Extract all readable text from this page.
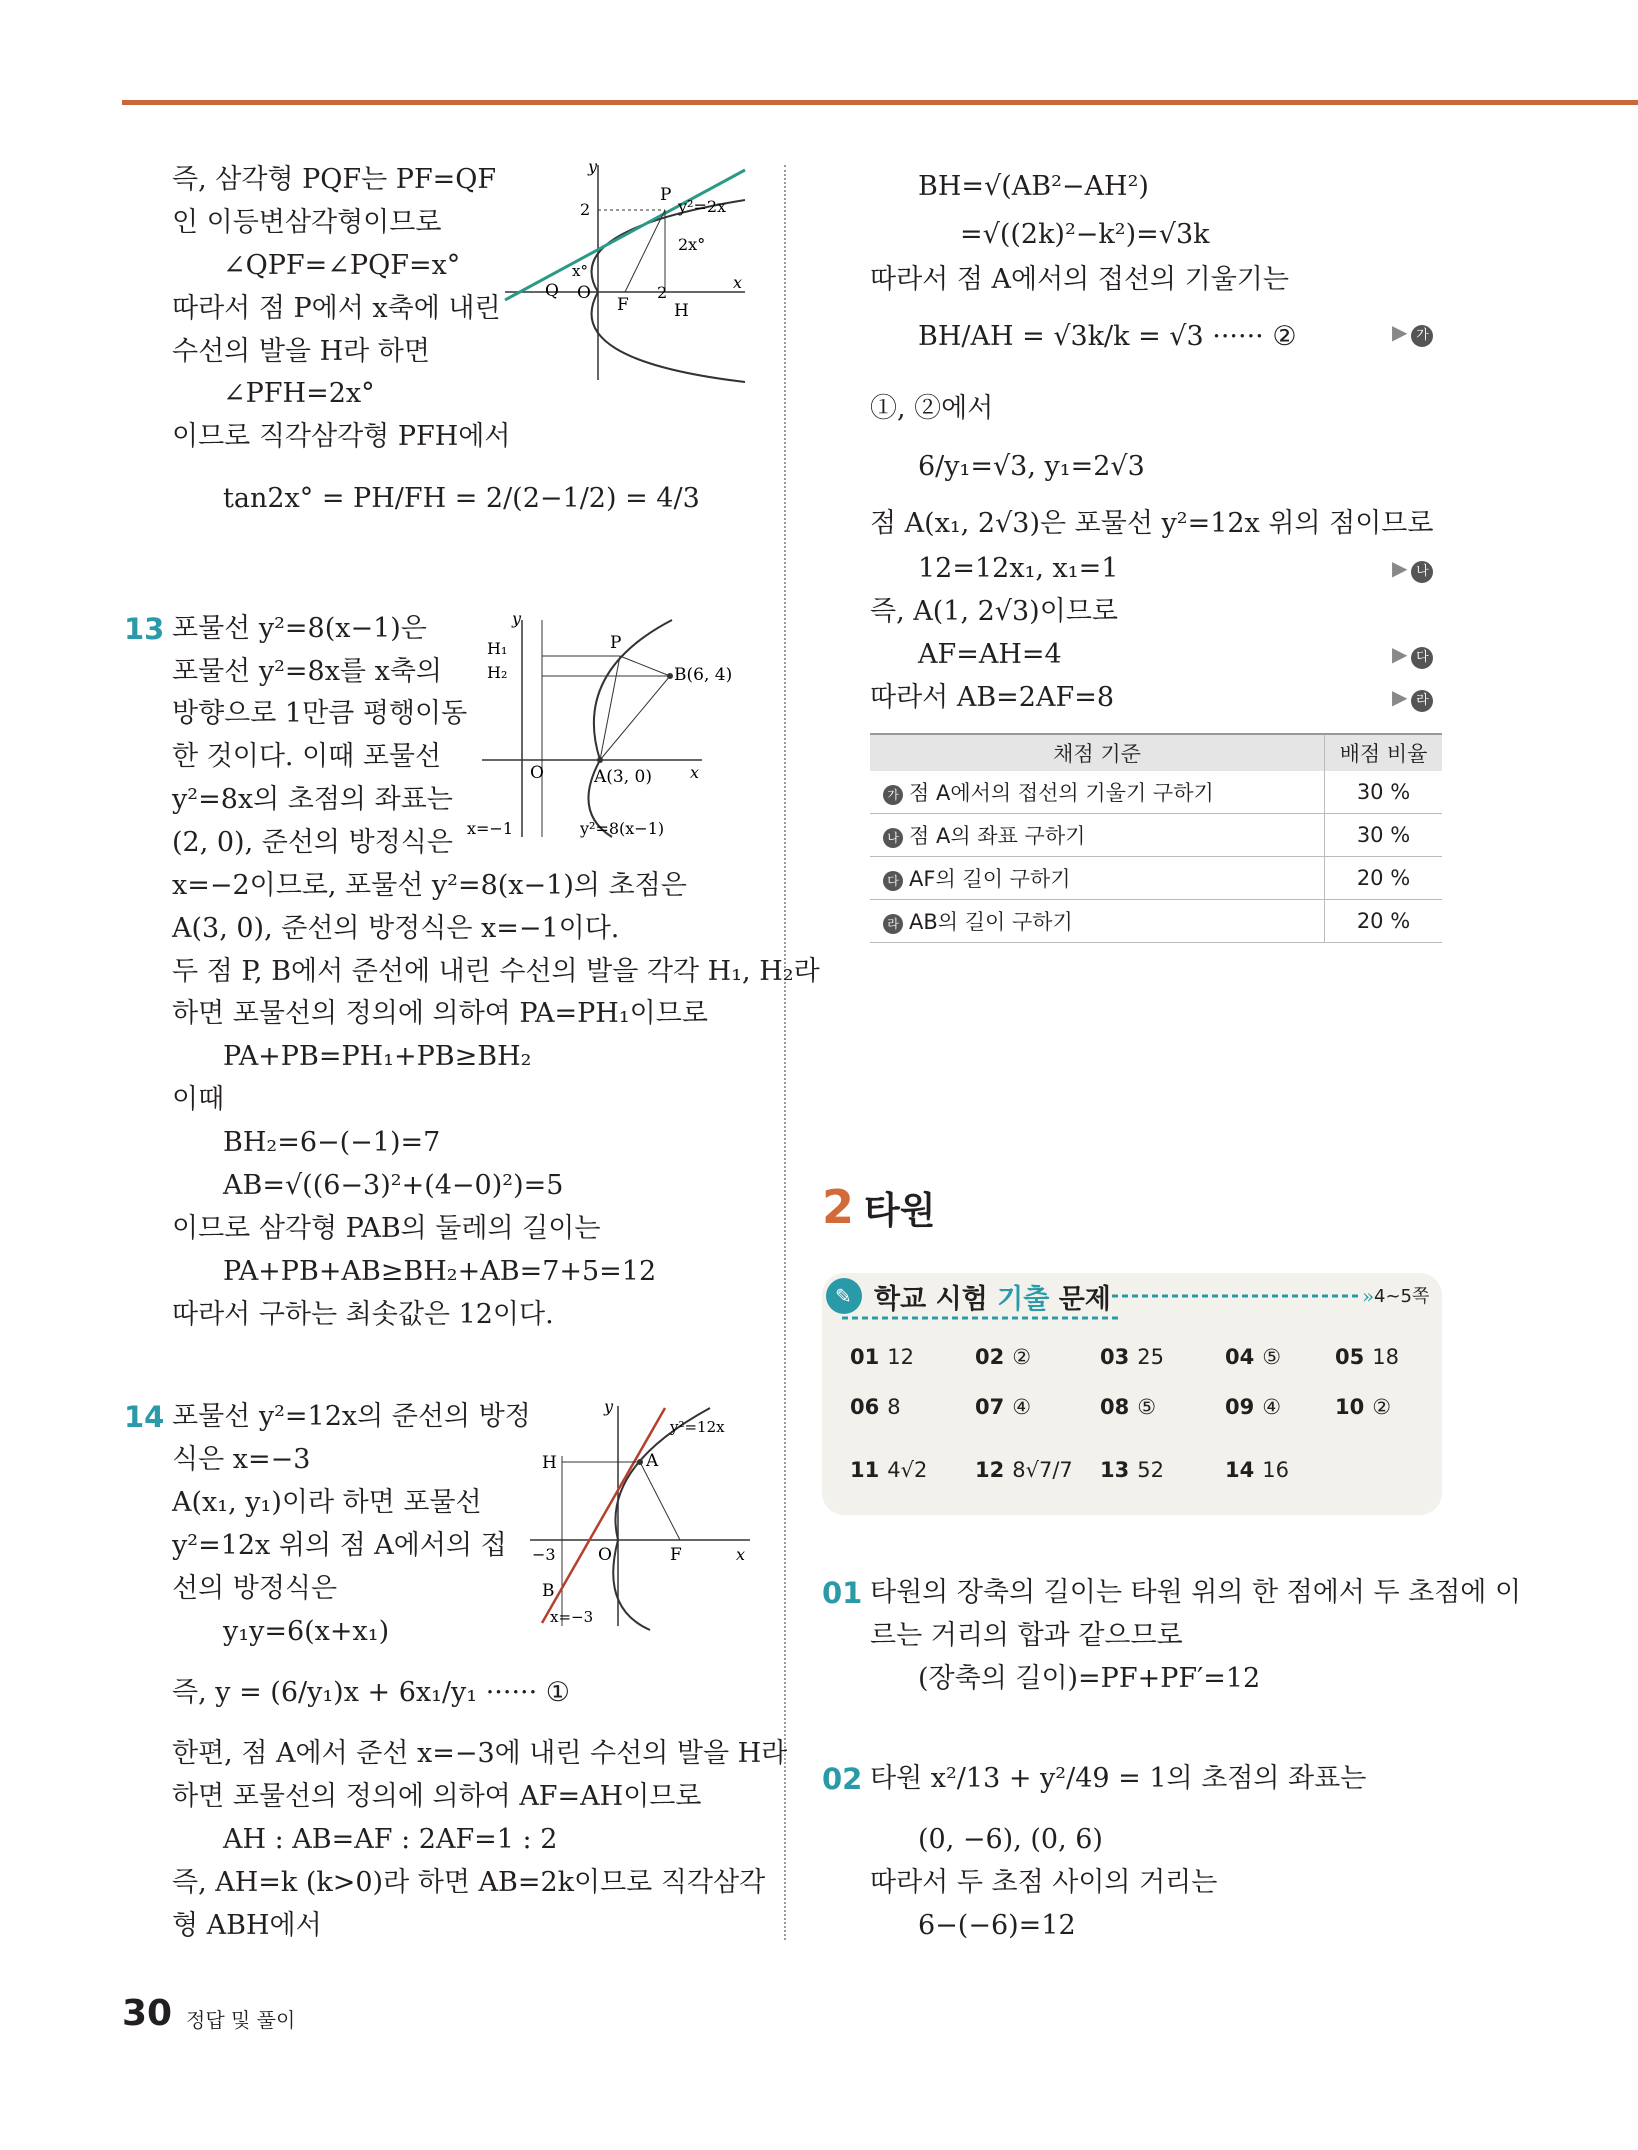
즉, 삼각형 PQF는 PF=QF
인 이등변삼각형이므로
∠QPF=∠PQF=x°
따라서 점 P에서 x축에 내린
수선의 발을 H라 하면
∠PFH=2x°
이므로 직각삼각형 PFH에서
tan2x° = PH/FH = 2/(2−1/2) = 4/3
y
x
P
Q O
F	H
2
2
y²=2x
2x°
x°
13 포물선 y²=8(x−1)은
포물선 y²=8x를 x축의
방향으로 1만큼 평행이동
한 것이다. 이때 포물선
y²=8x의 초점의 좌표는
(2, 0), 준선의 방정식은
x=−2이므로, 포물선 y²=8(x−1)의 초점은
A(3, 0), 준선의 방정식은 x=−1이다.
두 점 P, B에서 준선에 내린 수선의 발을 각각 H₁, H₂라
하면 포물선의 정의에 의하여 PA=PH₁이므로
PA+PB=PH₁+PB≥BH₂
이때
BH₂=6−(−1)=7
AB=√((6−3)²+(4−0)²)=5
이므로 삼각형 PAB의 둘레의 길이는
PA+PB+AB≥BH₂+AB=7+5=12
따라서 구하는 최솟값은 12이다.
y
x
O
P
H₁
H₂	B(6, 4)
A(3, 0)
x=−1	y²=8(x−1)
14 포물선 y²=12x의 준선의 방정
식은 x=−3
A(x₁, y₁)이라 하면 포물선
y²=12x 위의 점 A에서의 접
선의 방정식은
y₁y=6(x+x₁)
즉, y = (6/y₁)x + 6x₁/y₁ ······ ①
한편, 점 A에서 준선 x=−3에 내린 수선의 발을 H라
하면 포물선의 정의에 의하여 AF=AH이므로
AH : AB=AF : 2AF=1 : 2
즉, AH=k (k>0)라 하면 AB=2k이므로 직각삼각
형 ABH에서
y
x
O	F
H	A
B
−3
x=−3
y²=12x
BH=√(AB²−AH²)
=√((2k)²−k²)=√3k
따라서 점 A에서의 접선의 기울기는
BH/AH = √3k/k = √3 ······ ②
①, ②에서
6/y₁=√3, y₁=2√3
점 A(x₁, 2√3)은 포물선 y²=12x 위의 점이므로
12=12x₁, x₁=1
즉, A(1, 2√3)이므로
AF=AH=4
따라서 AB=2AF=8
▶ 가
▶ 나
▶ 다
▶ 라
채점 기준	배점 비율
가 점 A에서의 접선의 기울기 구하기	30 %
나 점 A의 좌표 구하기	30 %
다 AF의 길이 구하기	20 %
라 AB의 길이 구하기	20 %
2 타원
✎	»
학교 시험 기출 문제	4~5쪽
01 12	02 ②	03 25	04 ⑤	05 18
06 8	07 ④	08 ⑤	09 ④	10 ②
11 4√2 12 8√7/7 13 52	14 16
01 타원의 장축의 길이는 타원 위의 한 점에서 두 초점에 이
르는 거리의 합과 같으므로
(장축의 길이)=PF+PF′=12
02 타원 x²/13 + y²/49 = 1의 초점의 좌표는
(0, −6), (0, 6)
따라서 두 초점 사이의 거리는
6−(−6)=12
30 정답 및 풀이
